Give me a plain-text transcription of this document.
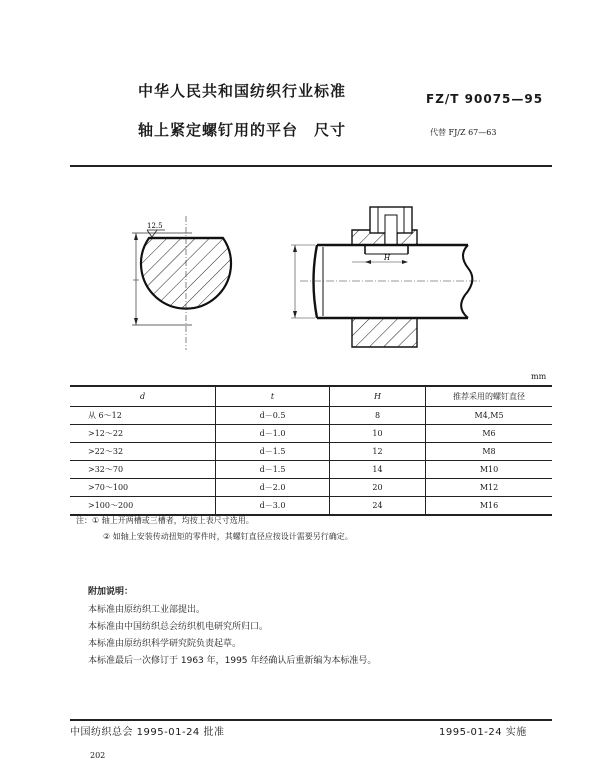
中华人民共和国纺织行业标准	FZ/T 90075—95
轴上紧定螺钉用的平台　尺寸	代替 FJ/Z 67—63
12.5
H
mm
d	t	H	推荐采用的螺钉直径
从 6～12	d－0.5	8	M4,M5
>12～22	d－1.0	10	M6
>22～32	d－1.5	12	M8
>32～70	d－1.5	14	M10
>70～100	d－2.0	20	M12
>100～200	d－3.0	24	M16
注：① 轴上开两槽或三槽者，均按上表尺寸选用。
② 如轴上安装传动扭矩的零件时，其螺钉直径应按设计需要另行确定。
附加说明：
本标准由原纺织工业部提出。
本标准由中国纺织总会纺织机电研究所归口。
本标准由原纺织科学研究院负责起草。
本标准最后一次修订于 1963 年，1995 年经确认后重新编为本标准号。
中国纺织总会 1995-01-24 批准	1995-01-24 实施
202
